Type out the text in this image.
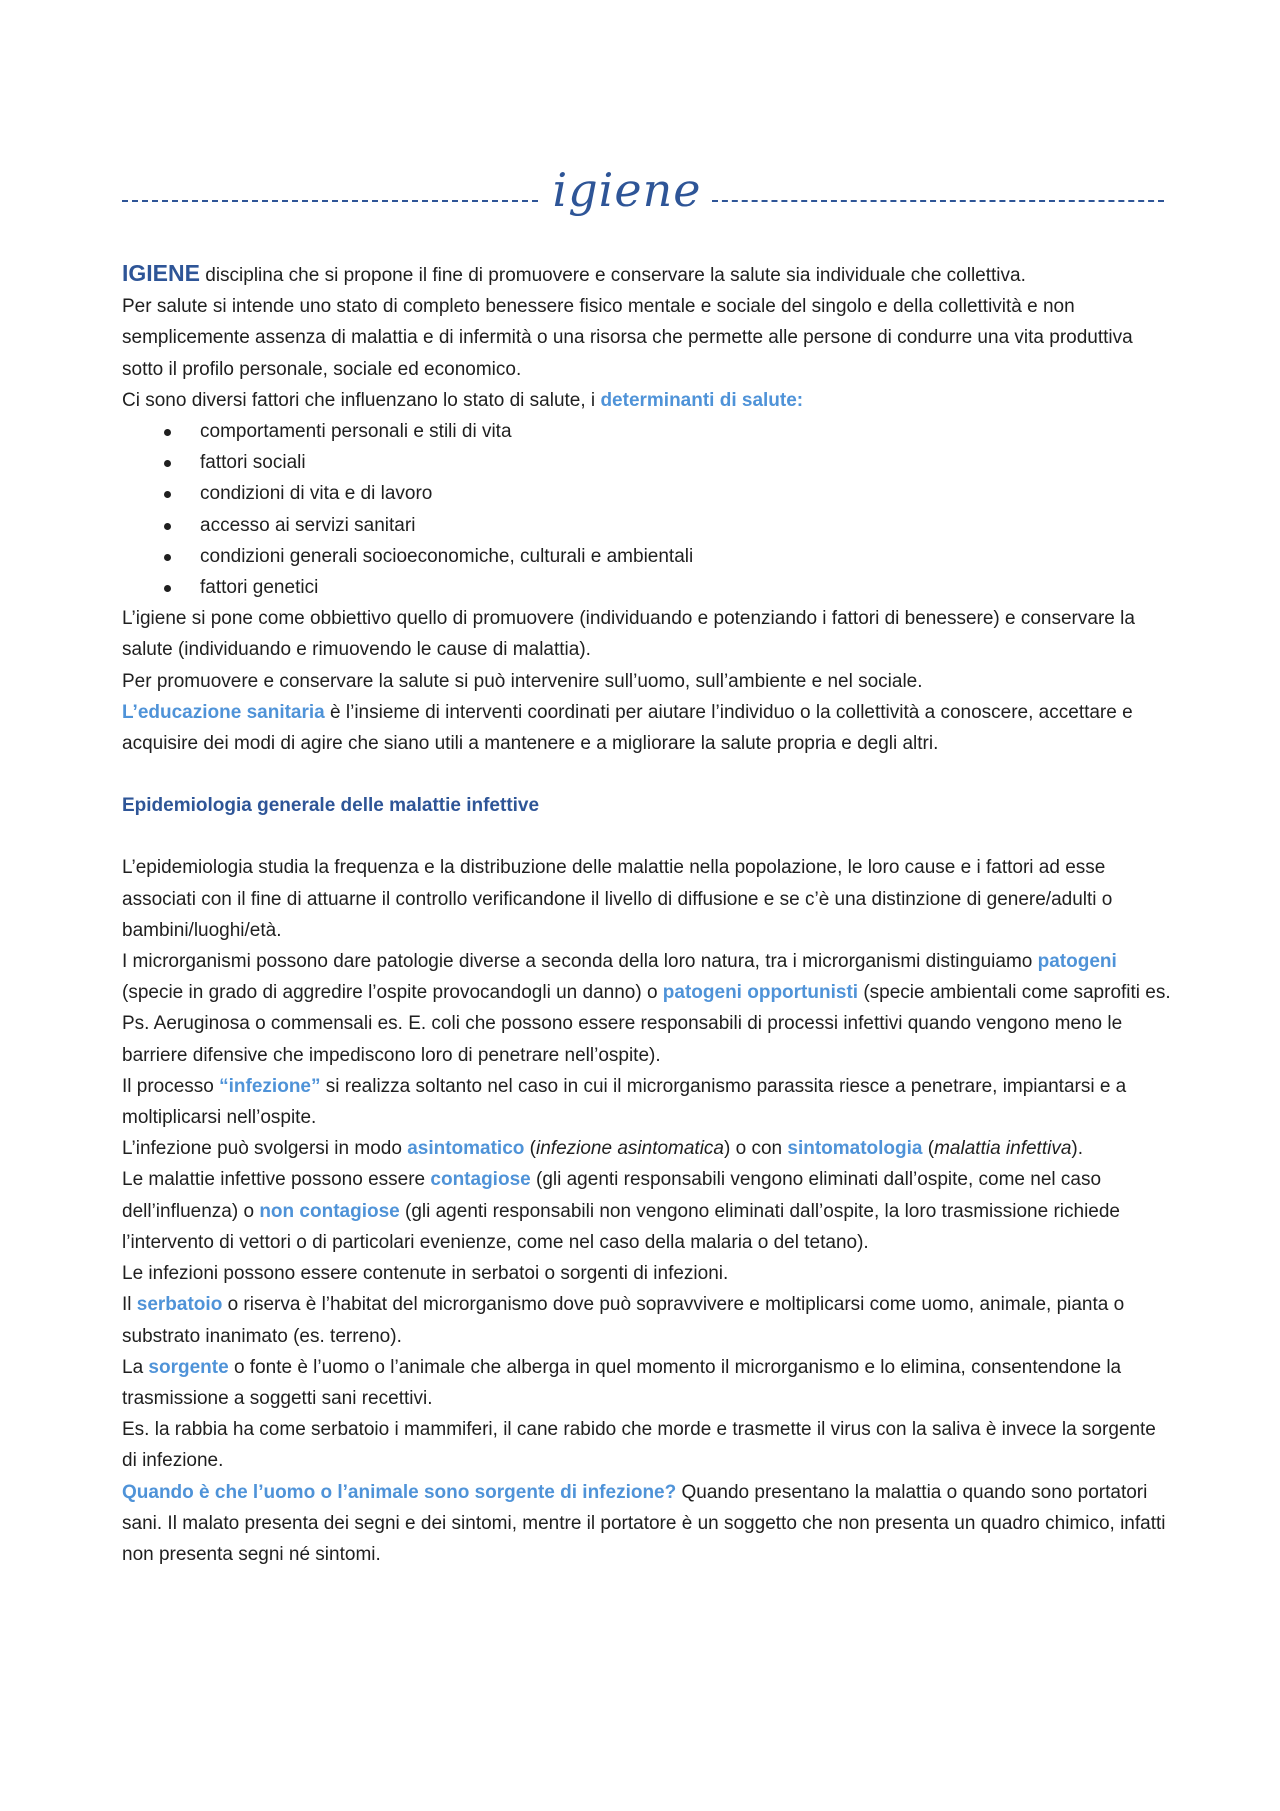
igiene

IGIENE disciplina che si propone il fine di promuovere e conservare la salute sia individuale che collettiva.

Per salute si intende uno stato di completo benessere fisico mentale e sociale del singolo e della collettività e non semplicemente assenza di malattia e di infermità o una risorsa che permette alle persone di condurre una vita produttiva sotto il profilo personale, sociale ed economico.

Ci sono diversi fattori che influenzano lo stato di salute, i determinanti di salute:

comportamenti personali e stili di vita
fattori sociali
condizioni di vita e di lavoro
accesso ai servizi sanitari
condizioni generali socioeconomiche, culturali e ambientali
fattori genetici

L’igiene si pone come obbiettivo quello di promuovere (individuando e potenziando i fattori di benessere) e conservare la salute (individuando e rimuovendo le cause di malattia).

Per promuovere e conservare la salute si può intervenire sull’uomo, sull’ambiente e nel sociale.

L’educazione sanitaria è l’insieme di interventi coordinati per aiutare l’individuo o la collettività a conoscere, accettare e acquisire dei modi di agire che siano utili a mantenere e a migliorare la salute propria e degli altri.

Epidemiologia generale delle malattie infettive

L’epidemiologia studia la frequenza e la distribuzione delle malattie nella popolazione, le loro cause e i fattori ad esse associati con il fine di attuarne il controllo verificandone il livello di diffusione e se c’è una distinzione di genere/adulti o bambini/luoghi/età.

I microrganismi possono dare patologie diverse a seconda della loro natura, tra i microrganismi distinguiamo patogeni (specie in grado di aggredire l’ospite provocandogli un danno) o patogeni opportunisti (specie ambientali come saprofiti es. Ps. Aeruginosa o commensali es. E. coli che possono essere responsabili di processi infettivi quando vengono meno le barriere difensive che impediscono loro di penetrare nell’ospite).

Il processo “infezione” si realizza soltanto nel caso in cui il microrganismo parassita riesce a penetrare, impiantarsi e a moltiplicarsi nell’ospite.

L’infezione può svolgersi in modo asintomatico (infezione asintomatica) o con sintomatologia (malattia infettiva).

Le malattie infettive possono essere contagiose (gli agenti responsabili vengono eliminati dall’ospite, come nel caso dell’influenza) o non contagiose (gli agenti responsabili non vengono eliminati dall’ospite, la loro trasmissione richiede l’intervento di vettori o di particolari evenienze, come nel caso della malaria o del tetano).

Le infezioni possono essere contenute in serbatoi o sorgenti di infezioni.

Il serbatoio o riserva è l’habitat del microrganismo dove può sopravvivere e moltiplicarsi come uomo, animale, pianta o substrato inanimato (es. terreno).

La sorgente o fonte è l’uomo o l’animale che alberga in quel momento il microrganismo e lo elimina, consentendone la trasmissione a soggetti sani recettivi.

Es. la rabbia ha come serbatoio i mammiferi, il cane rabido che morde e trasmette il virus con la saliva è invece la sorgente di infezione.

Quando è che l’uomo o l’animale sono sorgente di infezione? Quando presentano la malattia o quando sono portatori sani. Il malato presenta dei segni e dei sintomi, mentre il portatore è un soggetto che non presenta un quadro chimico, infatti non presenta segni né sintomi.
